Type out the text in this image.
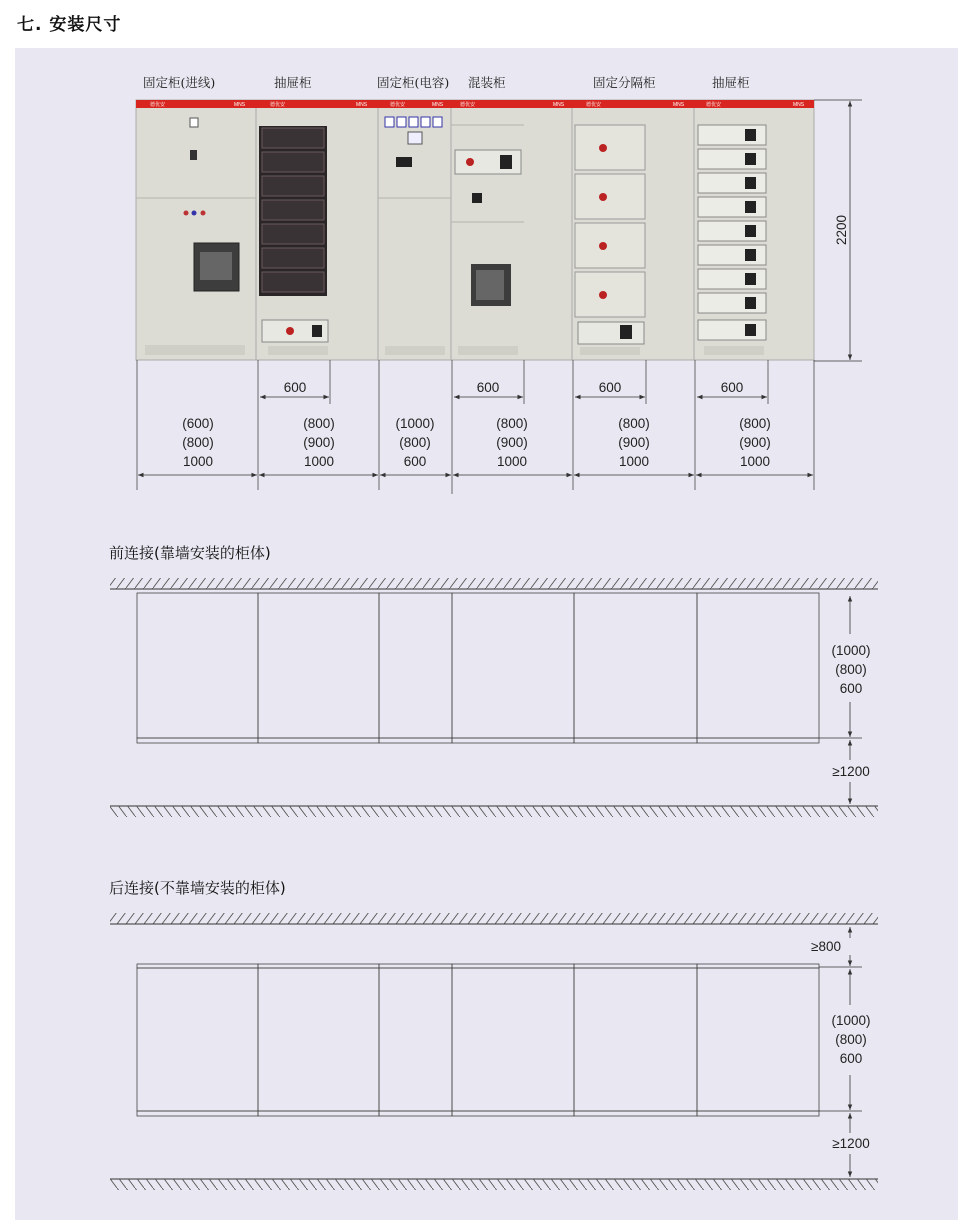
七. 安装尺寸
德优安	MNS	德优安	MNS	德优安	MNS	德优安	MNS	德优安	MNS	德优安	MNS
固定柜(进线)	抽屉柜	固定柜(电容) 混装柜	固定分隔柜	抽屉柜
2200
600	600	600	600
(600)
(800)
1000
(800)
(900)
1000
(1000)
(800)
600
(800)
(900)
1000
(800)
(900)
1000
(800)
(900)
1000
前连接(靠墙安装的柜体)
(1000)
(800)
600
≥1200
后连接(不靠墙安装的柜体)
≥800
(1000)
(800)
600
≥1200
